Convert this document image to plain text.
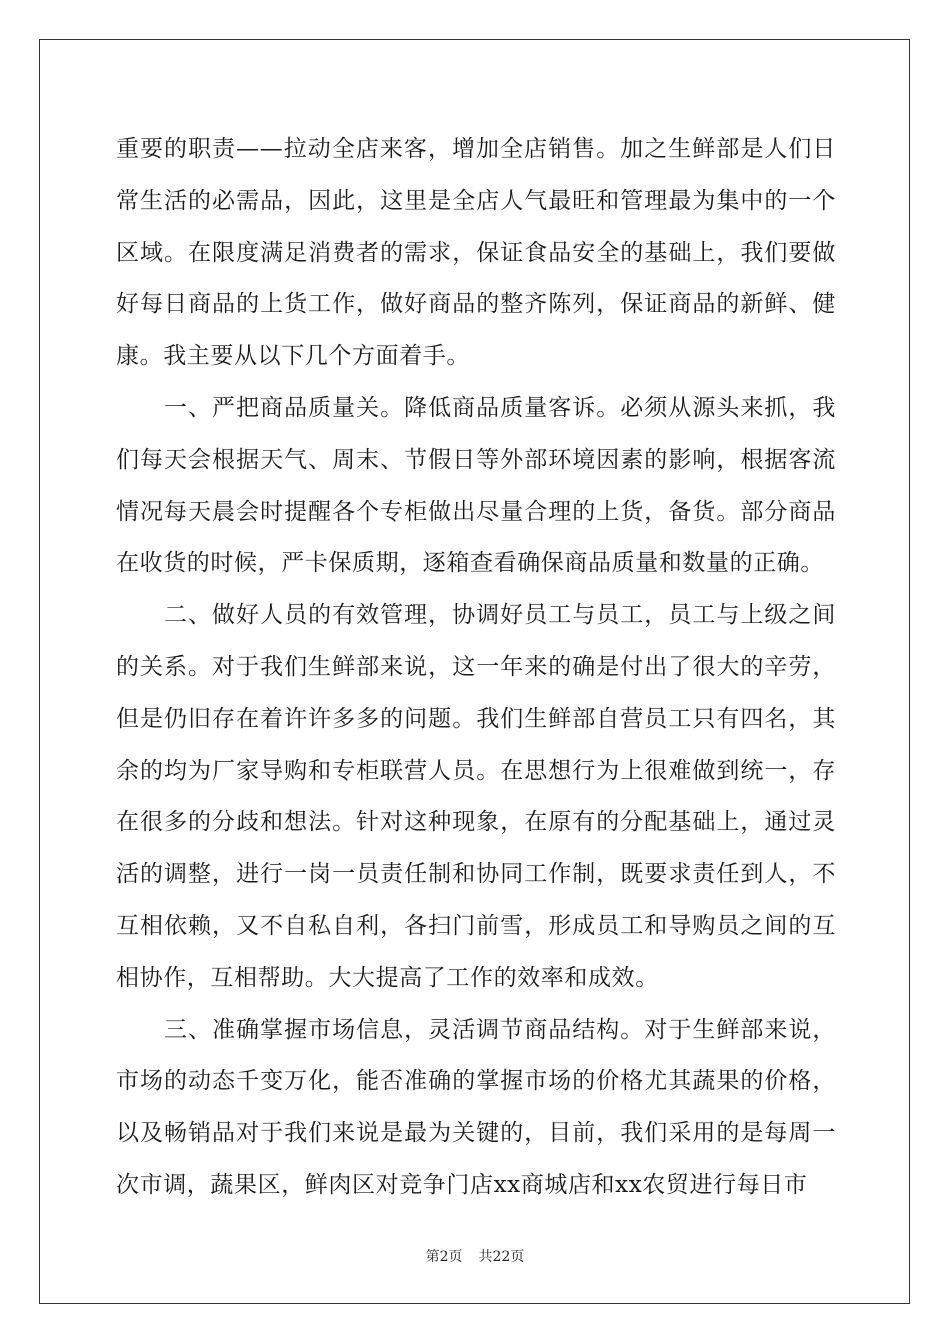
重要的职责——拉动全店来客，增加全店销售。加之生鲜部是人们日常生活的必需品，因此，这里是全店人气最旺和管理最为集中的一个区域。在限度满足消费者的需求，保证食品安全的基础上，我们要做好每日商品的上货工作，做好商品的整齐陈列，保证商品的新鲜、健康。我主要从以下几个方面着手。

一、严把商品质量关。降低商品质量客诉。必须从源头来抓，我们每天会根据天气、周末、节假日等外部环境因素的影响，根据客流情况每天晨会时提醒各个专柜做出尽量合理的上货，备货。部分商品在收货的时候，严卡保质期，逐箱查看确保商品质量和数量的正确。

二、做好人员的有效管理，协调好员工与员工，员工与上级之间的关系。对于我们生鲜部来说，这一年来的确是付出了很大的辛劳，但是仍旧存在着许许多多的问题。我们生鲜部自营员工只有四名，其余的均为厂家导购和专柜联营人员。在思想行为上很难做到统一，存在很多的分歧和想法。针对这种现象，在原有的分配基础上，通过灵活的调整，进行一岗一员责任制和协同工作制，既要求责任到人，不互相依赖，又不自私自利，各扫门前雪，形成员工和导购员之间的互相协作，互相帮助。大大提高了工作的效率和成效。

三、准确掌握市场信息，灵活调节商品结构。对于生鲜部来说，市场的动态千变万化，能否准确的掌握市场的价格尤其蔬果的价格，以及畅销品对于我们来说是最为关键的，目前，我们采用的是每周一次市调，蔬果区，鲜肉区对竞争门店xx商城店和xx农贸进行每日市

第2页 共22页
